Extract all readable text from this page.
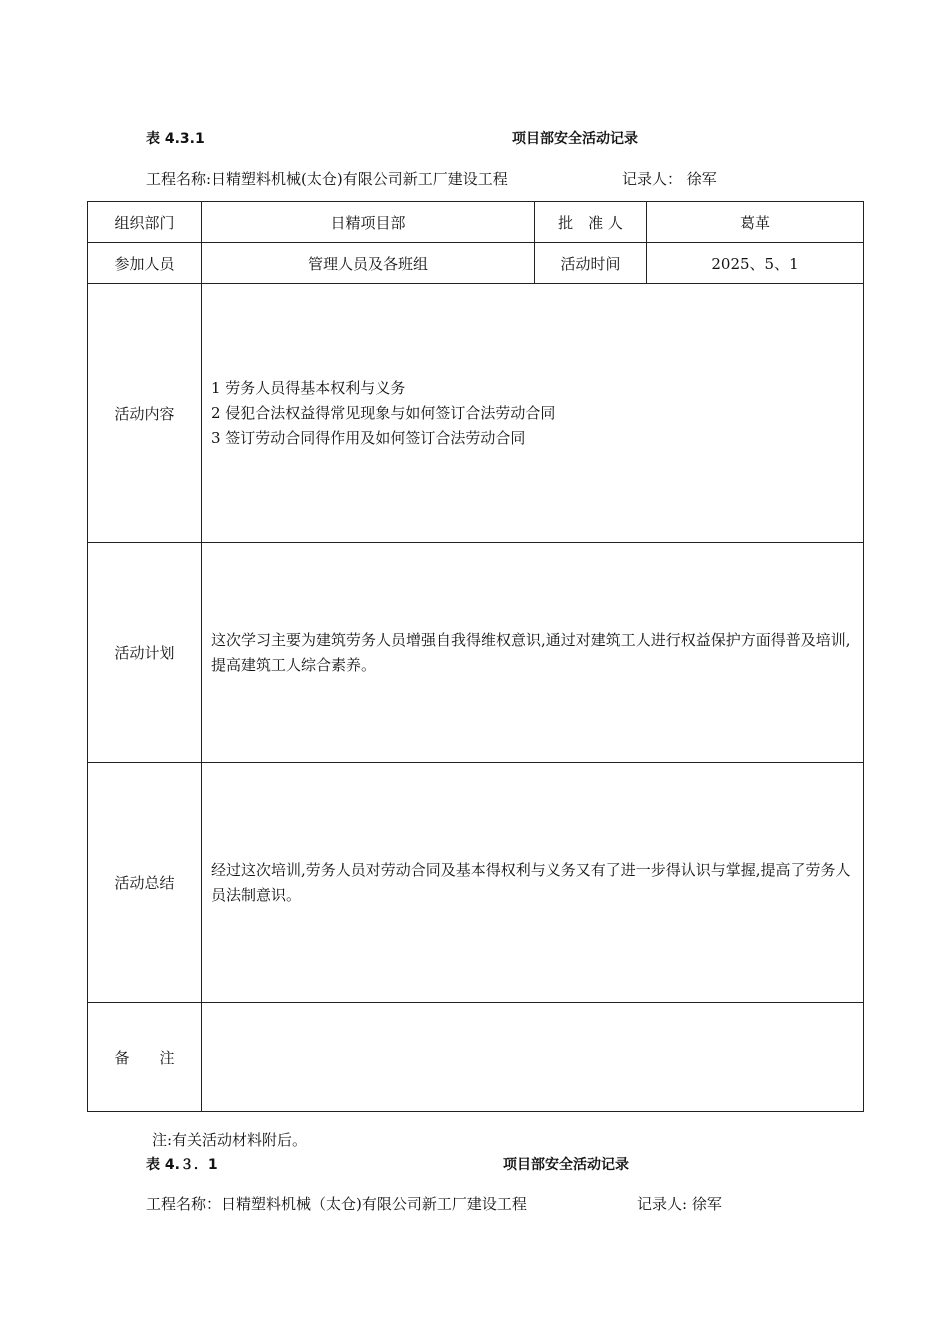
表 4.3.1	项目部安全活动记录
工程名称:日精塑料机械(太仓)有限公司新工厂建设工程	记录人： 徐军
组织部门	日精项目部	批　准 人	葛革
参加人员	管理人员及各班组	活动时间	2025、5、1
活动内容	1 劳务人员得基本权利与义务
2 侵犯合法权益得常见现象与如何签订合法劳动合同
3 签订劳动合同得作用及如何签订合法劳动合同		

活动计划	这次学习主要为建筑劳务人员增强自我得维权意识,通过对建筑工人进行权益保护方面得普及培训,提高建筑工人综合素养。		
活动总结	经过这次培训,劳务人员对劳动合同及基本得权利与义务又有了进一步得认识与掌握,提高了劳务人员法制意识。		
备　　注			
注:有关活动材料附后。
表 4.３．1	项目部安全活动记录
工程名称：日精塑料机械（太仓)有限公司新工厂建设工程	记录人: 徐军
